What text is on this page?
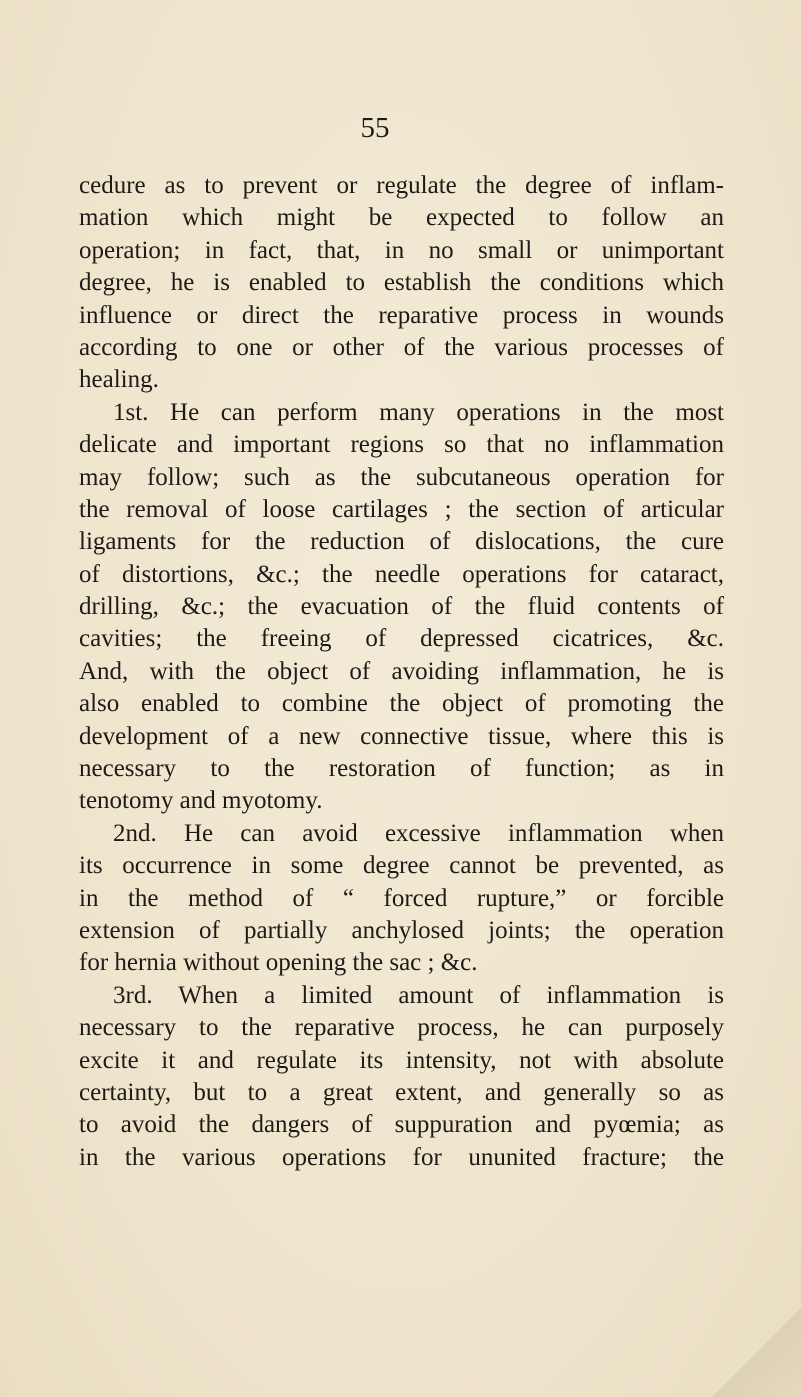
55
cedure as to prevent or regulate the degree of inflam-
mation which might be expected to follow an
operation; in fact, that, in no small or unimportant
degree, he is enabled to establish the conditions which
influence or direct the reparative process in wounds
according to one or other of the various processes of
healing.
1st. He can perform many operations in the most
delicate and important regions so that no inflammation
may follow; such as the subcutaneous operation for
the removal of loose cartilages ; the section of articular
ligaments for the reduction of dislocations, the cure
of distortions, &c.; the needle operations for cataract,
drilling, &c.; the evacuation of the fluid contents of
cavities; the freeing of depressed cicatrices, &c.
And, with the object of avoiding inflammation, he is
also enabled to combine the object of promoting the
development of a new connective tissue, where this is
necessary to the restoration of function; as in
tenotomy and myotomy.
2nd. He can avoid excessive inflammation when
its occurrence in some degree cannot be prevented, as
in the method of “ forced rupture,” or forcible
extension of partially anchylosed joints; the operation
for hernia without opening the sac ; &c.
3rd. When a limited amount of inflammation is
necessary to the reparative process, he can purposely
excite it and regulate its intensity, not with absolute
certainty, but to a great extent, and generally so as
to avoid the dangers of suppuration and pyœmia; as
in the various operations for ununited fracture; the
